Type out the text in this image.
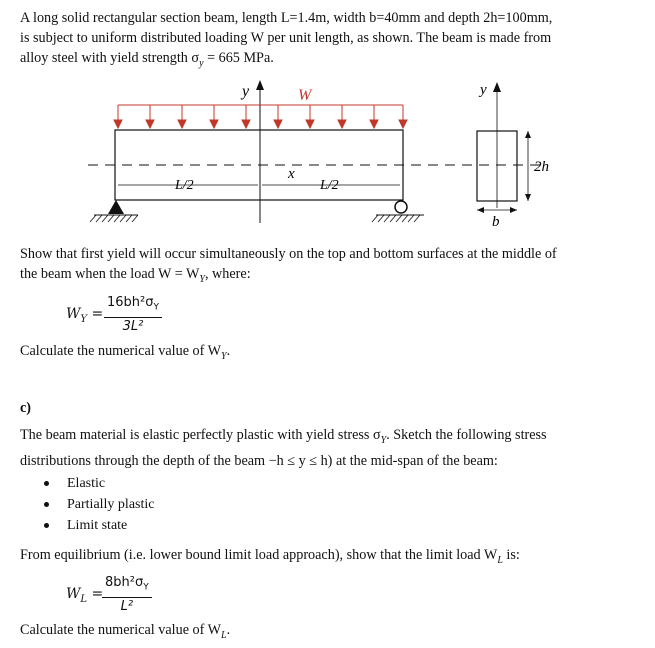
A long solid rectangular section beam, length L=1.4m, width b=40mm and depth 2h=100mm,
is subject to uniform distributed loading W per unit length, as shown. The beam is made from
alloy steel with yield strength $\sigma_y = 665$ MPa.
y	W
x
L/2	L/2
y
2h
b
Show that first yield will occur simultaneously on the top and bottom surfaces at the middle of
the beam when the load $W = W_Y$, where:
$W_Y = \frac{16bh^2\sigma_Y}{\text{3L²}}$
Calculate the numerical value of $W_Y$.
c)
The beam material is elastic perfectly plastic with yield stress $\sigma_Y$. Sketch the following stress
distributions through the depth of the beam −h ≤ y ≤ h) at the mid-span of the beam:
Elastic
Partially plastic
Limit state
From equilibrium (i.e. lower bound limit load approach), show that the limit load $W_L$ is:
$W_L$ =
$\frac{8bh^2\sigma_Y}{\text{L²}}$
Calculate the numerical value of $W_L$.
